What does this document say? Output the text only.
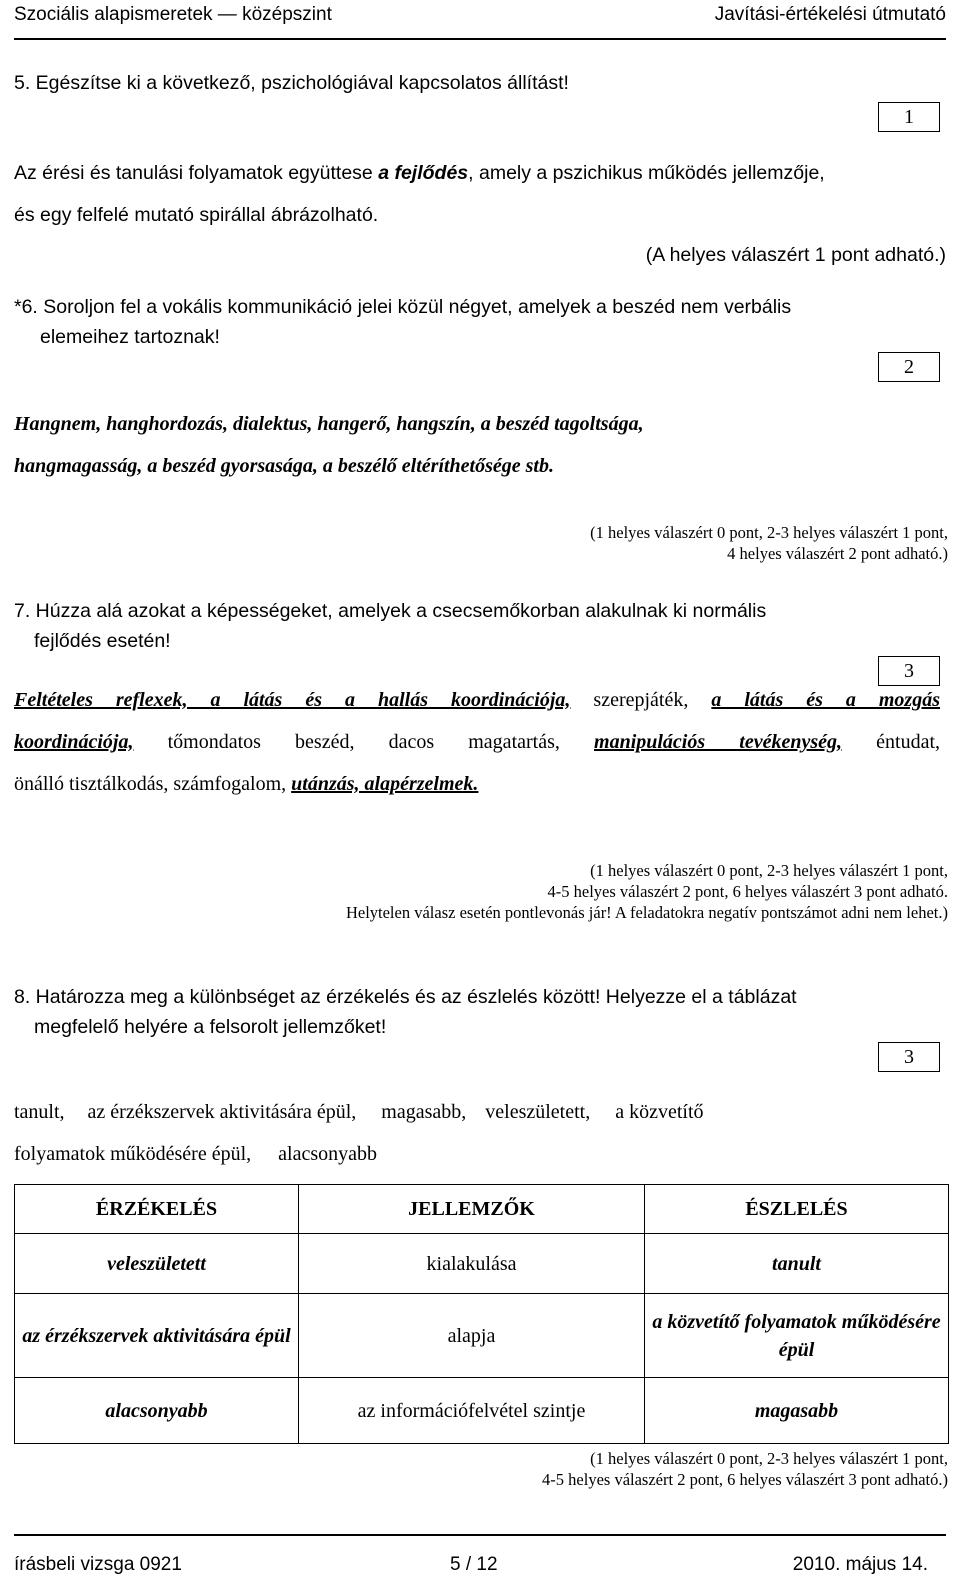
Szociális alapismeretek — középszint	Javítási-értékelési útmutató
5. Egészítse ki a következő, pszichológiával kapcsolatos állítást!
1
Az érési és tanulási folyamatok együttese a fejlődés, amely a pszichikus működés jellemzője,
és egy felfelé mutató spirállal ábrázolható.
(A helyes válaszért 1 pont adható.)
*6. Soroljon fel a vokális kommunikáció jelei közül négyet, amelyek a beszéd nem verbális
elemeihez tartoznak!
2
Hangnem, hanghordozás, dialektus, hangerő, hangszín, a beszéd tagoltsága,
hangmagasság, a beszéd gyorsasága, a beszélő eltéríthetősége stb.
(1 helyes válaszért 0 pont, 2-3 helyes válaszért 1 pont,
4 helyes válaszért 2 pont adható.)
7. Húzza alá azokat a képességeket, amelyek a csecsemőkorban alakulnak ki normális
fejlődés esetén!
3
Feltételes reflexek, a látás és a hallás koordinációja, szerepjáték, a látás és a mozgás
koordinációja, tőmondatos beszéd, dacos magatartás, manipulációs tevékenység, éntudat,
önálló tisztálkodás, számfogalom, utánzás, alapérzelmek.
(1 helyes válaszért 0 pont, 2-3 helyes válaszért 1 pont,
4-5 helyes válaszért 2 pont, 6 helyes válaszért 3 pont adható.
Helytelen válasz esetén pontlevonás jár! A feladatokra negatív pontszámot adni nem lehet.)
8. Határozza meg a különbséget az érzékelés és az észlelés között! Helyezze el a táblázat
megfelelő helyére a felsorolt jellemzőket!
3
tanult, az érzékszervek aktivitására épül, magasabb, veleszületett, a közvetítő
folyamatok működésére épül, alacsonyabb
ÉRZÉKELÉS	JELLEMZŐK	ÉSZLELÉS
veleszületett	kialakulása	tanult
az érzékszervek aktivitására épül	alapja	a közvetítő folyamatok működésére épül
alacsonyabb	az információfelvétel szintje	magasabb
(1 helyes válaszért 0 pont, 2-3 helyes válaszért 1 pont,
4-5 helyes válaszért 2 pont, 6 helyes válaszért 3 pont adható.)
írásbeli vizsga 0921	5 / 12	2010. május 14.
